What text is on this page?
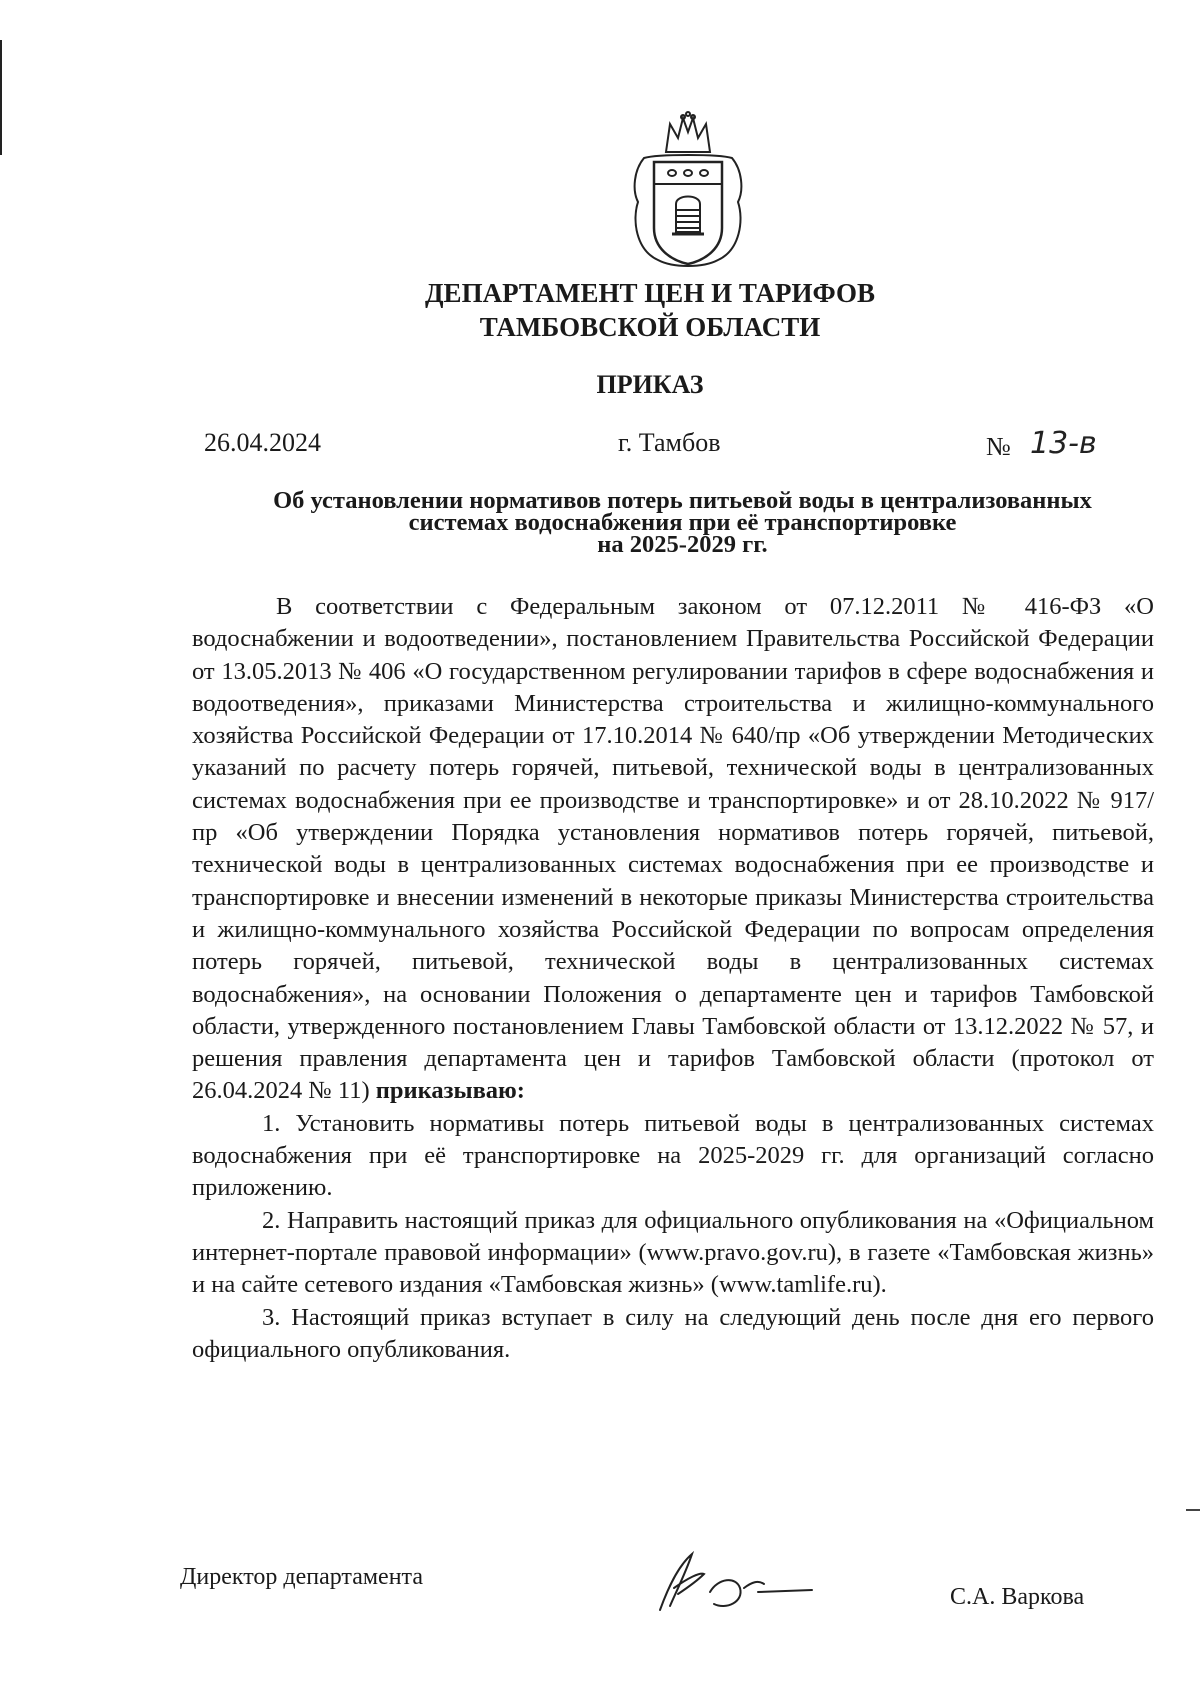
ДЕПАРТАМЕНТ ЦЕН И ТАРИФОВ
ТАМБОВСКОЙ ОБЛАСТИ
ПРИКАЗ
26.04.2024	г. Тамбов	№ 13-в
Об установлении нормативов потерь питьевой воды в централизованных
системах водоснабжения при её транспортировке
на 2025-2029 гг.

В соответствии с Федеральным законом от 07.12.2011 № 416-ФЗ «О водоснабжении и водоотведении», постановлением Правительства Российской Федерации от 13.05.2013 № 406 «О государственном регулировании тарифов в сфере водоснабжения и водоотведения», приказами Министерства строительства и жилищно-коммунального хозяйства Российской Федерации от 17.10.2014 № 640/пр «Об утверждении Методических указаний по расчету потерь горячей, питьевой, технической воды в централизованных системах водоснабжения при ее производстве и транспортировке» и от 28.10.2022 № 917/пр «Об утверждении Порядка установления нормативов потерь горячей, питьевой, технической воды в централизованных системах водоснабжения при ее производстве и транспортировке и внесении изменений в некоторые приказы Министерства строительства и жилищно-коммунального хозяйства Российской Федерации по вопросам определения потерь горячей, питьевой, технической воды в централизованных системах водоснабжения», на основании Положения о департаменте цен и тарифов Тамбовской области, утвержденного постановлением Главы Тамбовской области от 13.12.2022 № 57, и решения правления департамента цен и тарифов Тамбовской области (протокол от 26.04.2024 № 11) приказываю:

1. Установить нормативы потерь питьевой воды в централизованных системах водоснабжения при её транспортировке на 2025-2029 гг. для организаций согласно приложению.

2. Направить настоящий приказ для официального опубликования на «Официальном интернет-портале правовой информации» (www.pravo.gov.ru), в газете «Тамбовская жизнь» и на сайте сетевого издания «Тамбовская жизнь» (www.tamlife.ru).

3. Настоящий приказ вступает в силу на следующий день после дня его первого официального опубликования.

Директор департамента
С.А. Варкова
